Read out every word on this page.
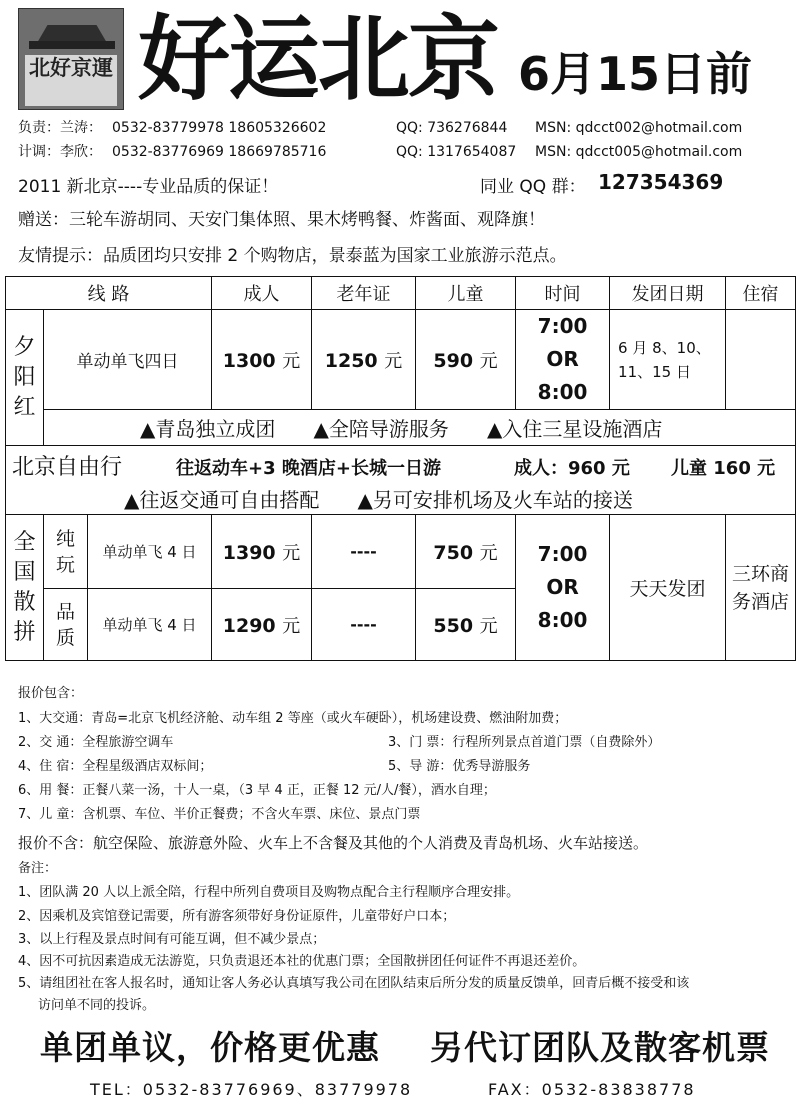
北好京運 好运北京 6月15日前
负责：兰涛： 0532-83779978 18605326602	QQ: 736276844 MSN: qdcct002@hotmail.com
计调：李欣： 0532-83776969 18669785716	QQ: 1317654087 MSN: qdcct005@hotmail.com
2011 新北京----专业品质的保证！	同业 QQ 群： 127354369
赠送：三轮车游胡同、天安门集体照、果木烤鸭餐、炸酱面、观降旗！
友情提示：品质团均只安排 2 个购物店，景泰蓝为国家工业旅游示范点。
线 路			成人	老年证	儿童	时间	发团日期	住宿
夕阳红	单动单飞四日		1300 元	1250 元	590 元	7:00
OR
8:00	6 月 8、10、11、15 日	
	▲青岛独立成团      ▲全陪导游服务      ▲入住三星设施酒店							

北京自由行 往返动车+3 晚酒店+长城一日游 成人：960 元 儿童 160 元
▲往返交通可自由搭配      ▲另可安排机场及火车站的接送								

全国散拼	纯玩	单动单飞 4 日	1390 元	----	750 元	7:00
OR
8:00	天天发团	三环商务酒店
	品质	单动单飞 4 日	1290 元	----	550 元			
报价包含：
1、大交通：青岛=北京飞机经济舱、动车组 2 等座（或火车硬卧），机场建设费、燃油附加费；
2、交 通：全程旅游空调车	3、门 票：行程所列景点首道门票（自费除外）
4、住 宿：全程星级酒店双标间；	5、导 游：优秀导游服务
6、用 餐：正餐八菜一汤，十人一桌，（3 早 4 正，正餐 12 元/人/餐），酒水自理；
7、儿 童：含机票、车位、半价正餐费；不含火车票、床位、景点门票
报价不含：航空保险、旅游意外险、火车上不含餐及其他的个人消费及青岛机场、火车站接送。
备注：
1、团队满 20 人以上派全陪，行程中所列自费项目及购物点配合主行程顺序合理安排。
2、因乘机及宾馆登记需要，所有游客须带好身份证原件，儿童带好户口本；
3、以上行程及景点时间有可能互调，但不减少景点；
4、因不可抗因素造成无法游览，只负责退还本社的优惠门票；全国散拼团任何证件不再退还差价。
5、请组团社在客人报名时，通知让客人务必认真填写我公司在团队结束后所分发的质量反馈单，回青后概不接受和该
访问单不同的投诉。
单团单议，价格更优惠    另代订团队及散客机票
TEL：0532-83776969、83779978	FAX：0532-83838778
